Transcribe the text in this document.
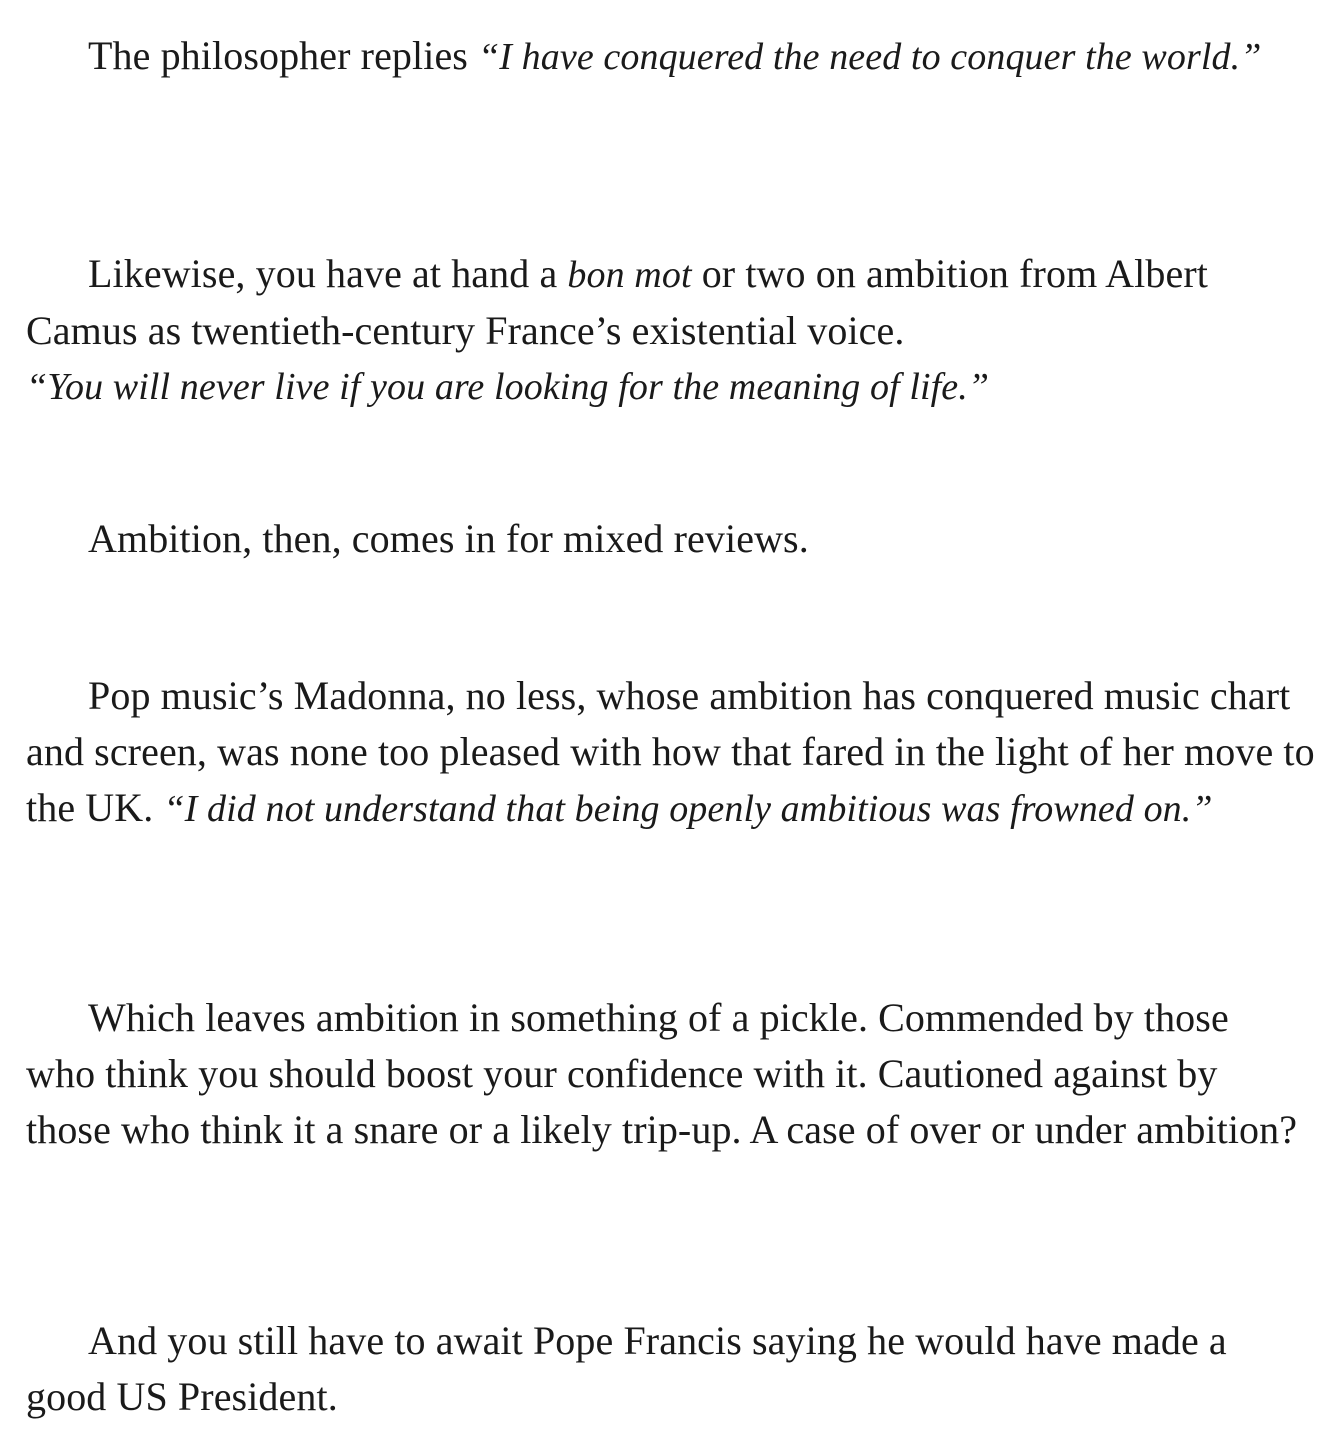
The philosopher replies “I have conquered the need to conquer the world.”

Likewise, you have at hand a bon mot or two on ambition from Albert Camus as twentieth-century France’s existential voice.
“You will never live if you are looking for the meaning of life.”

Ambition, then, comes in for mixed reviews.

Pop music’s Madonna, no less, whose ambition has conquered music chart and screen, was none too pleased with how that fared in the light of her move to the UK. “I did not understand that being openly ambitious was frowned on.”

Which leaves ambition in something of a pickle. Commended by those who think you should boost your confidence with it. Cautioned against by those who think it a snare or a likely trip-up. A case of over or under ambition?

And you still have to await Pope Francis saying he would have made a good US President.
